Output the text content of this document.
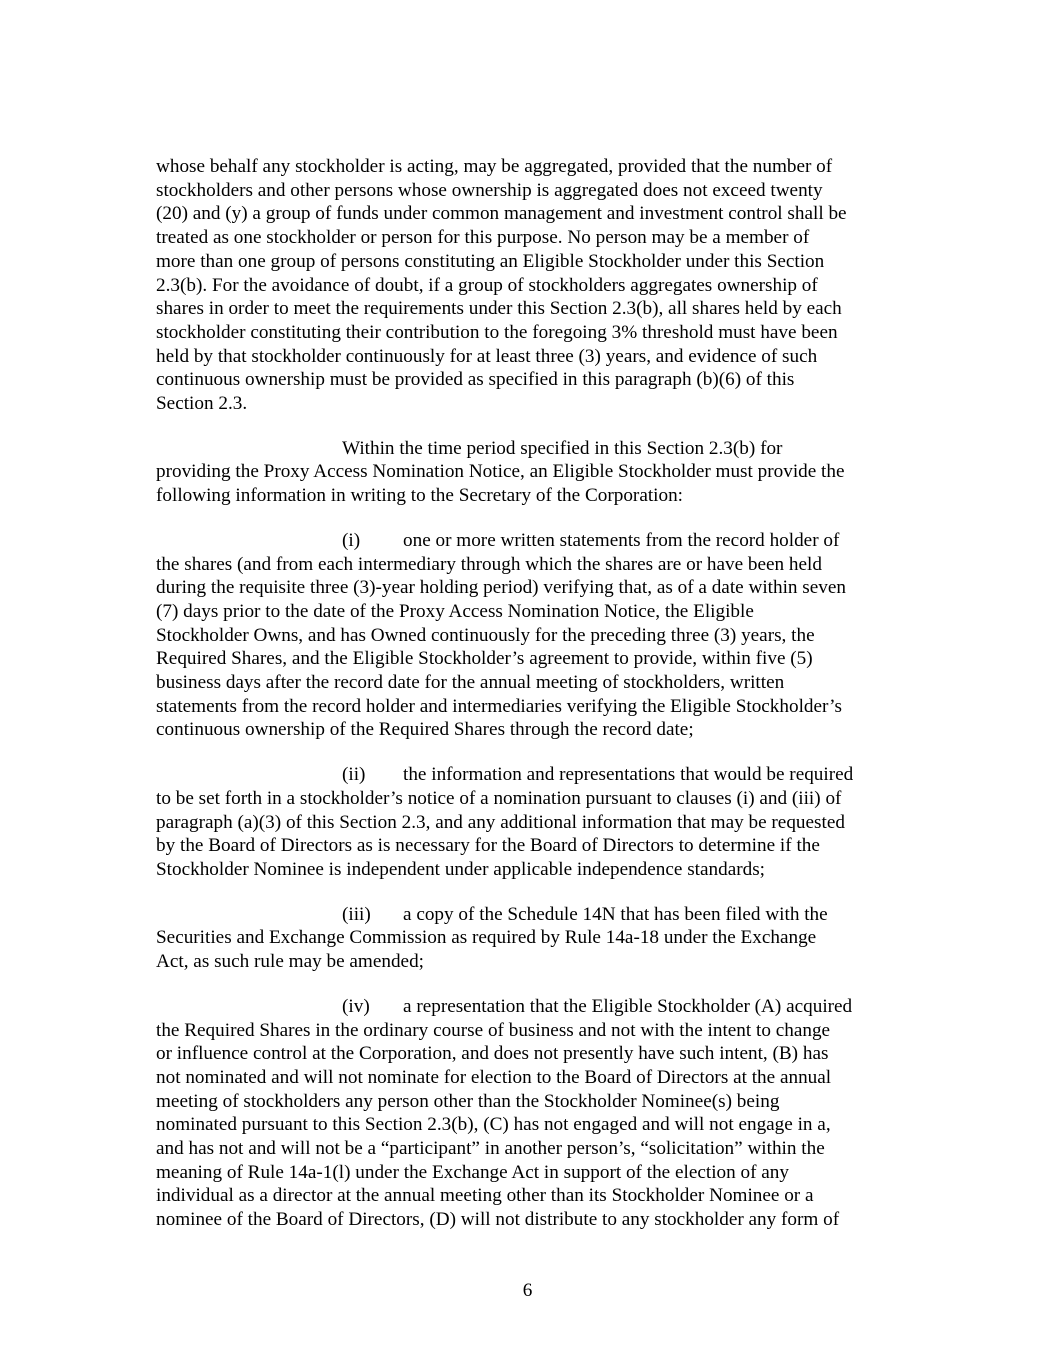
whose behalf any stockholder is acting, may be aggregated, provided that the number of
stockholders and other persons whose ownership is aggregated does not exceed twenty
(20) and (y) a group of funds under common management and investment control shall be
treated as one stockholder or person for this purpose. No person may be a member of
more than one group of persons constituting an Eligible Stockholder under this Section
2.3(b). For the avoidance of doubt, if a group of stockholders aggregates ownership of
shares in order to meet the requirements under this Section 2.3(b), all shares held by each
stockholder constituting their contribution to the foregoing 3% threshold must have been
held by that stockholder continuously for at least three (3) years, and evidence of such
continuous ownership must be provided as specified in this paragraph (b)(6) of this
Section 2.3.
Within the time period specified in this Section 2.3(b) for
providing the Proxy Access Nomination Notice, an Eligible Stockholder must provide the
following information in writing to the Secretary of the Corporation:
(i) one or more written statements from the record holder of
the shares (and from each intermediary through which the shares are or have been held
during the requisite three (3)-year holding period) verifying that, as of a date within seven
(7) days prior to the date of the Proxy Access Nomination Notice, the Eligible
Stockholder Owns, and has Owned continuously for the preceding three (3) years, the
Required Shares, and the Eligible Stockholder’s agreement to provide, within five (5)
business days after the record date for the annual meeting of stockholders, written
statements from the record holder and intermediaries verifying the Eligible Stockholder’s
continuous ownership of the Required Shares through the record date;
(ii) the information and representations that would be required
to be set forth in a stockholder’s notice of a nomination pursuant to clauses (i) and (iii) of
paragraph (a)(3) of this Section 2.3, and any additional information that may be requested
by the Board of Directors as is necessary for the Board of Directors to determine if the
Stockholder Nominee is independent under applicable independence standards;
(iii) a copy of the Schedule 14N that has been filed with the
Securities and Exchange Commission as required by Rule 14a-18 under the Exchange
Act, as such rule may be amended;
(iv) a representation that the Eligible Stockholder (A) acquired
the Required Shares in the ordinary course of business and not with the intent to change
or influence control at the Corporation, and does not presently have such intent, (B) has
not nominated and will not nominate for election to the Board of Directors at the annual
meeting of stockholders any person other than the Stockholder Nominee(s) being
nominated pursuant to this Section 2.3(b), (C) has not engaged and will not engage in a,
and has not and will not be a “participant” in another person’s, “solicitation” within the
meaning of Rule 14a-1(l) under the Exchange Act in support of the election of any
individual as a director at the annual meeting other than its Stockholder Nominee or a
nominee of the Board of Directors, (D) will not distribute to any stockholder any form of
6
